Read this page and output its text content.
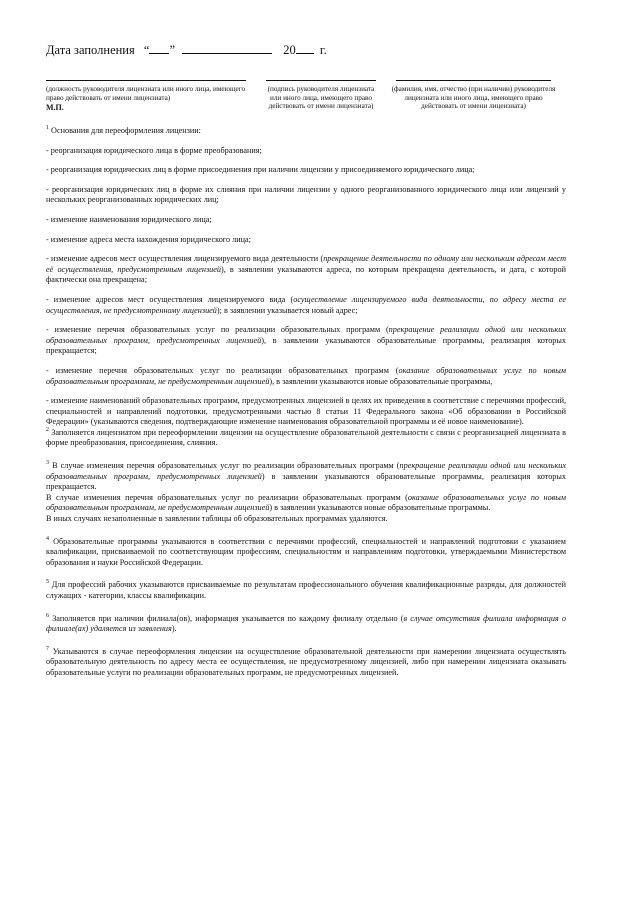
Дата заполнения “ ”	20 г.
(должность руководителя лицензиата или иного лица, имеющего право действовать от имени лицензиата)
(подпись руководителя лицензиата или иного лица, имеющего право действовать от имени лицензиата)
(фамилия, имя, отчество (при наличии) руководителя лицензиата или иного лица, имеющего право действовать от имени лицензиата)
М.П.

$^1$ Основания для переоформления лицензии:

- реорганизация юридического лица в форме преобразования;

- реорганизация юридических лиц в форме присоединения при наличии лицензии у присоединяемого юридического лица;

- реорганизация юридических лиц в форме их слияния при наличии лицензии у одного реорганизованного юридического лица или лицензий у нескольких реорганизованных юридических лиц;

- изменение наименования юридического лица;

- изменение адреса места нахождения юридического лица;

- изменение адресов мест осуществления лицензируемого вида деятельности (прекращение деятельности по одному или нескольким адресам мест её осуществления, предусмотренным лицензией), в заявлении указываются адреса, по которым прекращена деятельность, и дата, с которой фактически она прекращена;

- изменение адресов мест осуществления лицензируемого вида (осуществление лицензируемого вида деятельности, по адресу места ее осуществления, не предусмотренному лицензией); в заявлении указывается новый адрес;

- изменение перечня образовательных услуг по реализации образовательных программ (прекращение реализации одной или нескольких образовательных программ, предусмотренных лицензией), в заявлении указываются образовательные программы, реализация которых прекращается;

- изменение перечня образовательных услуг по реализации образовательных программ (оказание образовательных услуг по новым образовательным программам, не предусмотренным лицензией), в заявлении указываются новые образовательные программы,

- изменение наименований образовательных программ, предусмотренных лицензией в целях их приведения в соответствие с перечнями профессий, специальностей и направлений подготовки, предусмотренными частью 8 статьи 11 Федерального закона «Об образовании в Российской Федерации» (указываются сведения, подтверждающие изменение наименования образовательной программы и её новое наименование).

$^2$ Заполняется лицензиатом при переоформлении лицензии на осуществление образовательной деятельности с связи с реорганизацией лицензиата в форме преобразования, присоединения, слияния.

$^3$ В случае изменения перечня образовательных услуг по реализации образовательных программ (прекращение реализации одной или нескольких образовательных программ, предусмотренных лицензией) в заявлении указываются образовательные программы, реализация которых прекращается.

В случае изменения перечня образовательных услуг по реализации образовательных программ (оказание образовательных услуг по новым образовательным программам, не предусмотренным лицензией) в заявлении указываются новые образовательные программы.

В иных случаях незаполненные в заявлении таблицы об образовательных программах удаляются.

$^4$ Образовательные программы указываются в соответствии с перечнями профессий, специальностей и направлений подготовки с указанием квалификации, присваиваемой по соответствующим профессиям, специальностям и направлениям подготовки, утверждаемыми Министерством образования и науки Российской Федерации.

$^5$ Для профессий рабочих указываются присваиваемые по результатам профессионального обучения квалификационные разряды, для должностей служащих - категории, классы квалификации.

$^6$ Заполняется при наличии филиала(ов), информация указывается по каждому филиалу отдельно (в случае отсутствия филиала информация о филиале(ах) удаляется из заявления).

$^7$ Указываются в случае переоформления лицензии на осуществление образовательной деятельности при намерении лицензиата осуществлять образовательную деятельность по адресу места ее осуществления, не предусмотренному лицензией, либо при намерении лицензиата оказывать образовательные услуги по реализации образовательных программ, не предусмотренных лицензией.
